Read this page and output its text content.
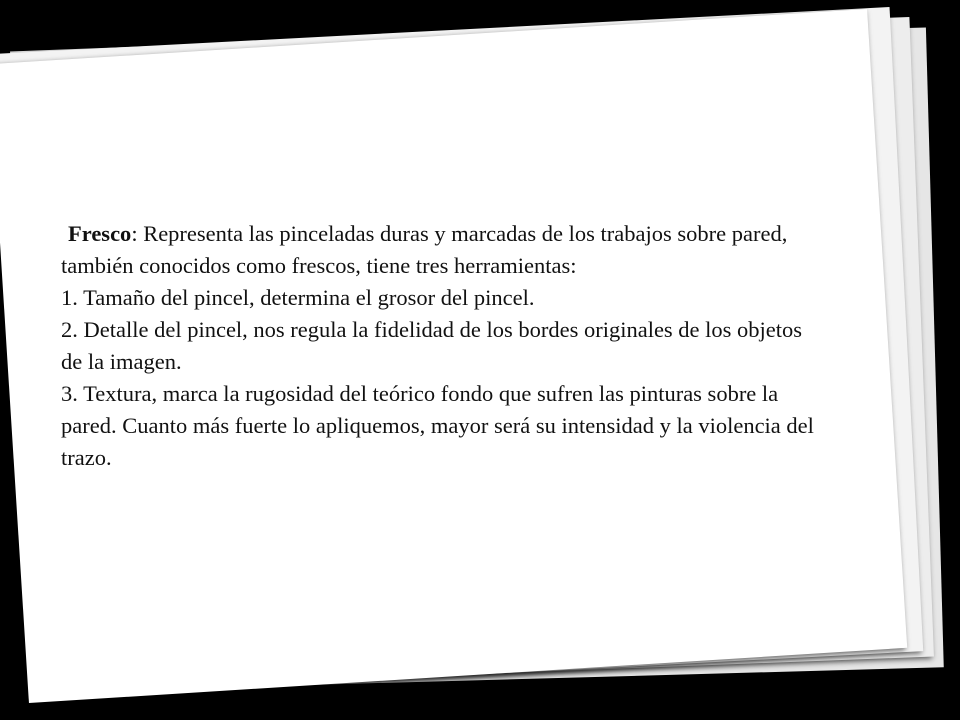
Fresco: Representa las pinceladas duras y marcadas de los trabajos sobre pared, también conocidos como frescos, tiene tres herramientas:

1. Tamaño del pincel, determina el grosor del pincel.

2. Detalle del pincel, nos regula la fidelidad de los bordes originales de los objetos de la imagen.

3. Textura, marca la rugosidad del teórico fondo que sufren las pinturas sobre la pared. Cuanto más fuerte lo apliquemos, mayor será su intensidad y la violencia del trazo.
